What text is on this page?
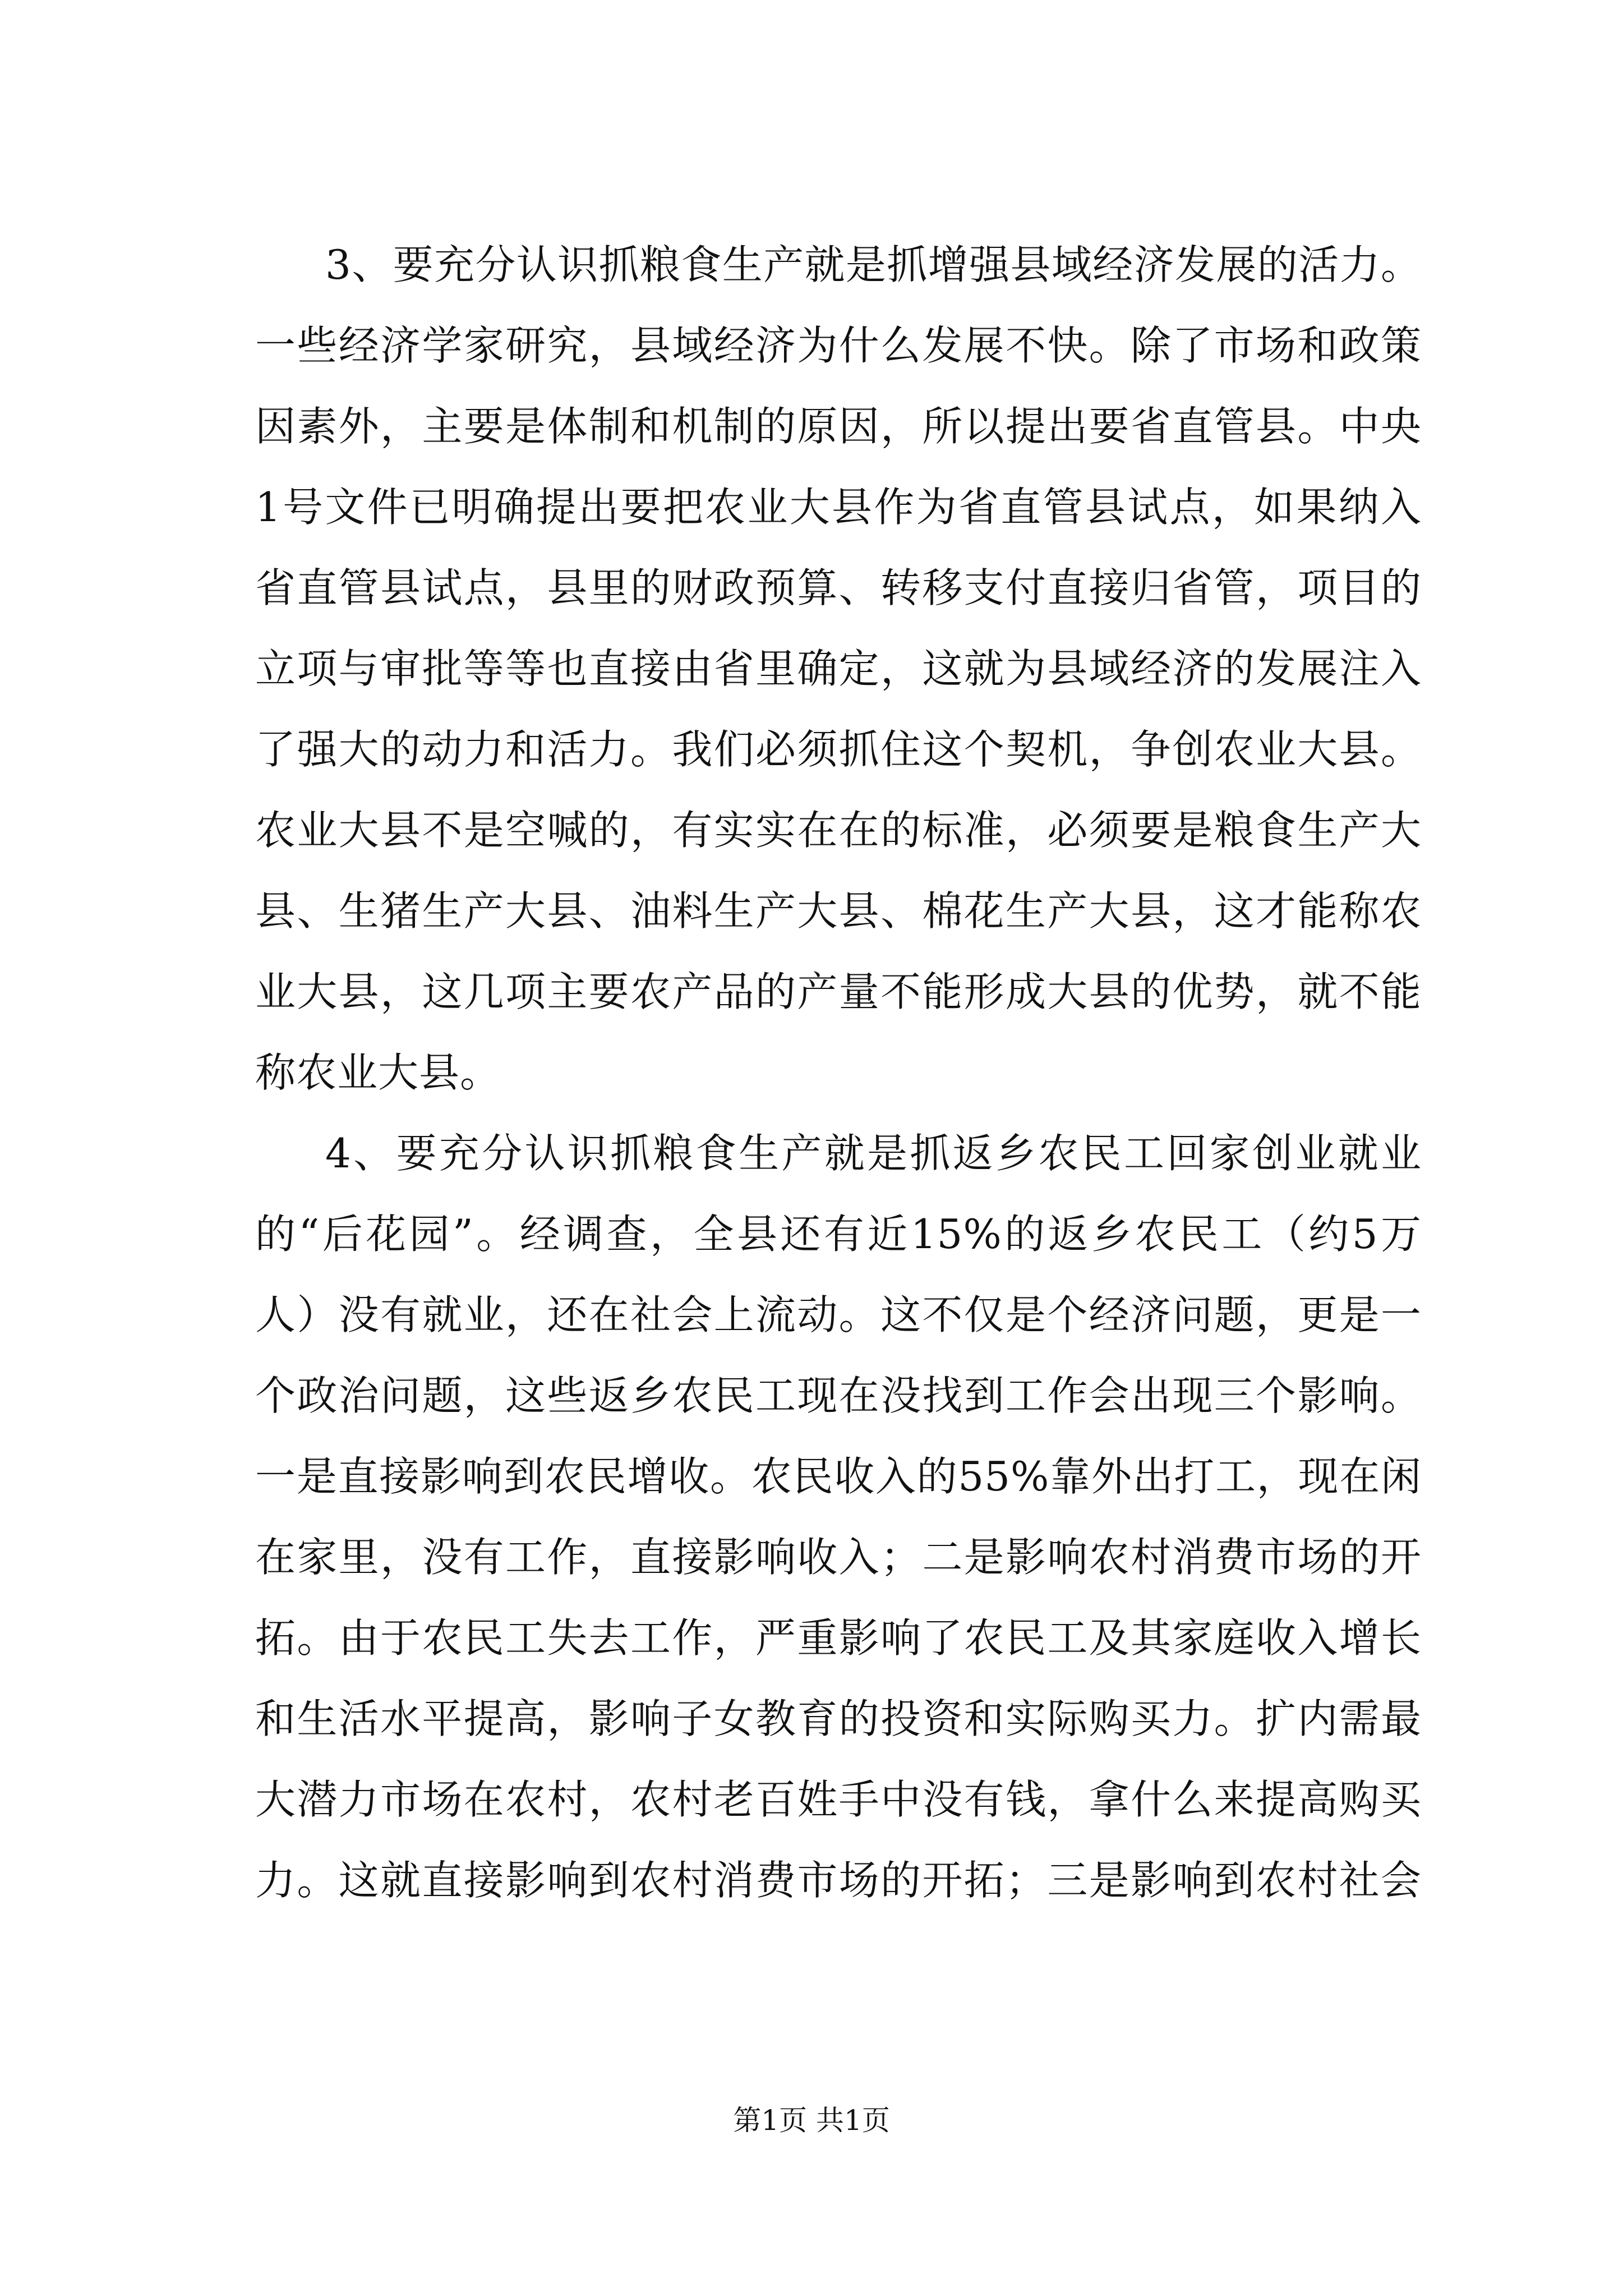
3、要充分认识抓粮食生产就是抓增强县域经济发展的活力。
一些经济学家研究，县域经济为什么发展不快。除了市场和政策
因素外，主要是体制和机制的原因，所以提出要省直管县。中央
1号文件已明确提出要把农业大县作为省直管县试点，如果纳入
省直管县试点，县里的财政预算、转移支付直接归省管，项目的
立项与审批等等也直接由省里确定，这就为县域经济的发展注入
了强大的动力和活力。我们必须抓住这个契机，争创农业大县。
农业大县不是空喊的，有实实在在的标准，必须要是粮食生产大
县、生猪生产大县、油料生产大县、棉花生产大县，这才能称农
业大县，这几项主要农产品的产量不能形成大县的优势，就不能
称农业大县。
4、要充分认识抓粮食生产就是抓返乡农民工回家创业就业
的“后花园”。经调查，全县还有近15%的返乡农民工（约5万
人）没有就业，还在社会上流动。这不仅是个经济问题，更是一
个政治问题，这些返乡农民工现在没找到工作会出现三个影响。
一是直接影响到农民增收。农民收入的55%靠外出打工，现在闲
在家里，没有工作，直接影响收入；二是影响农村消费市场的开
拓。由于农民工失去工作，严重影响了农民工及其家庭收入增长
和生活水平提高，影响子女教育的投资和实际购买力。扩内需最
大潜力市场在农村，农村老百姓手中没有钱，拿什么来提高购买
力。这就直接影响到农村消费市场的开拓；三是影响到农村社会
第1页 共1页
